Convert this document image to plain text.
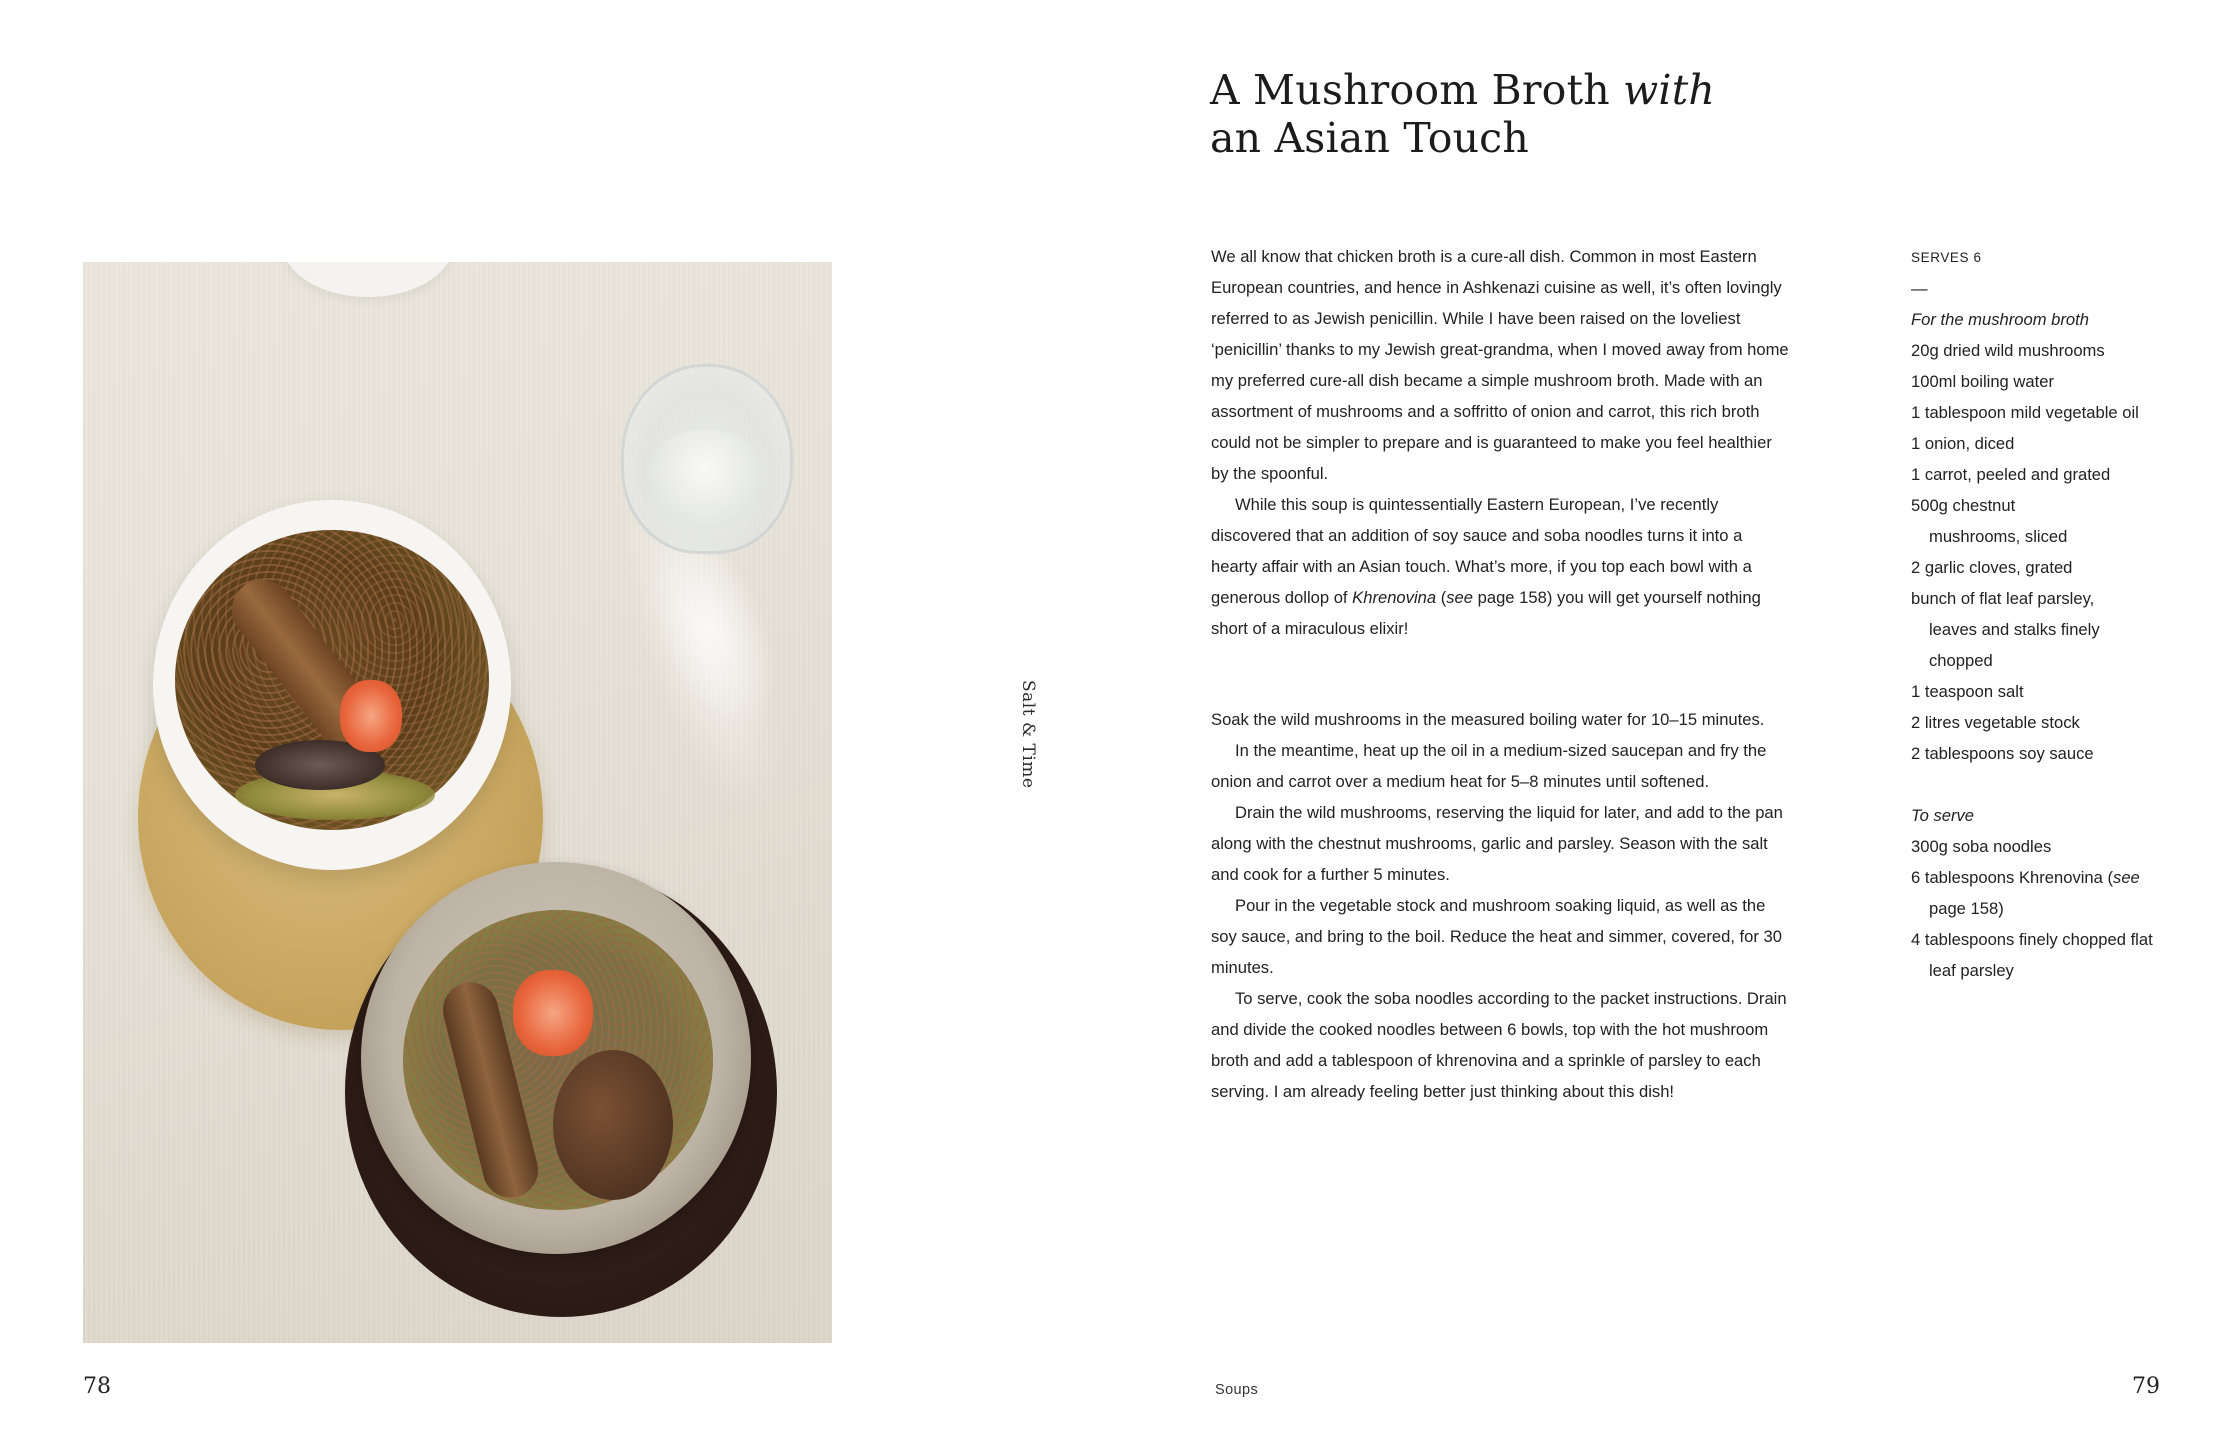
78
Salt & Time
A Mushroom Broth with
an Asian Touch

We all know that chicken broth is a cure-all dish. Common in most Eastern European countries, and hence in Ashkenazi cuisine as well, it’s often lovingly referred to as Jewish penicillin. While I have been raised on the loveliest ‘penicillin’ thanks to my Jewish great-grandma, when I moved away from home my preferred cure-all dish became a simple mushroom broth. Made with an assortment of mushrooms and a soffritto of onion and carrot, this rich broth could not be simpler to prepare and is guaranteed to make you feel healthier by the spoonful.

While this soup is quintessentially Eastern European, I’ve recently discovered that an addition of soy sauce and soba noodles turns it into a hearty affair with an Asian touch. What’s more, if you top each bowl with a generous dollop of Khrenovina (see page 158) you will get yourself nothing short of a miraculous elixir!

Soak the wild mushrooms in the measured boiling water for 10–15 minutes.

In the meantime, heat up the oil in a medium-sized saucepan and fry the onion and carrot over a medium heat for 5–8 minutes until softened.

Drain the wild mushrooms, reserving the liquid for later, and add to the pan along with the chestnut mushrooms, garlic and parsley. Season with the salt and cook for a further 5 minutes.

Pour in the vegetable stock and mushroom soaking liquid, as well as the soy sauce, and bring to the boil. Reduce the heat and simmer, covered, for 30 minutes.

To serve, cook the soba noodles according to the packet instructions. Drain and divide the cooked noodles between 6 bowls, top with the hot mushroom broth and add a tablespoon of khrenovina and a sprinkle of parsley to each serving. I am already feeling better just thinking about this dish!

SERVES 6
—
For the mushroom broth
20g dried wild mushrooms
100ml boiling water
1 tablespoon mild vegetable oil
1 onion, diced
1 carrot, peeled and grated
500g chestnut mushrooms, sliced
2 garlic cloves, grated
bunch of flat leaf parsley, leaves and stalks finely chopped
1 teaspoon salt
2 litres vegetable stock
2 tablespoons soy sauce
To serve
300g soba noodles
6 tablespoons Khrenovina (see page 158)
4 tablespoons finely chopped flat leaf parsley
Soups	79
